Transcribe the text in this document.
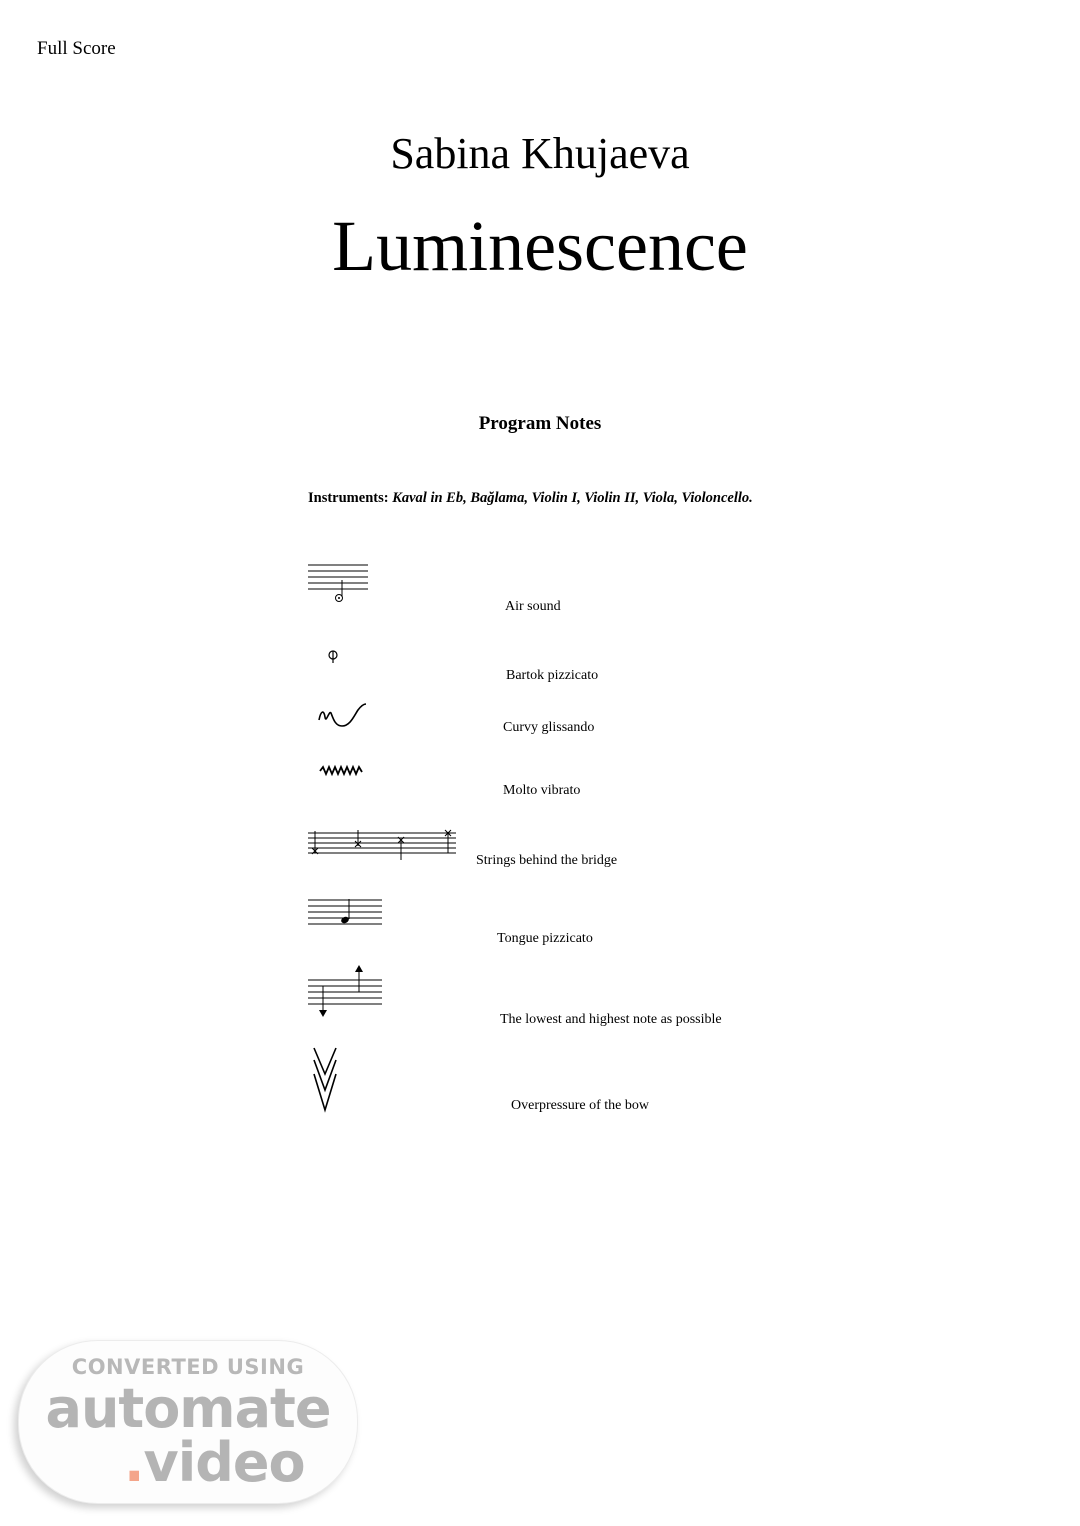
Full Score
Sabina Khujaeva
Luminescence
Program Notes
Instruments: Kaval in Eb, Bağlama, Violin I, Violin II, Viola, Violoncello.
Air sound
Bartok pizzicato
Curvy glissando
Molto vibrato
Strings behind the bridge
Tongue pizzicato
The lowest and highest note as possible
Overpressure of the bow
CONVERTED USING
automate
.video
